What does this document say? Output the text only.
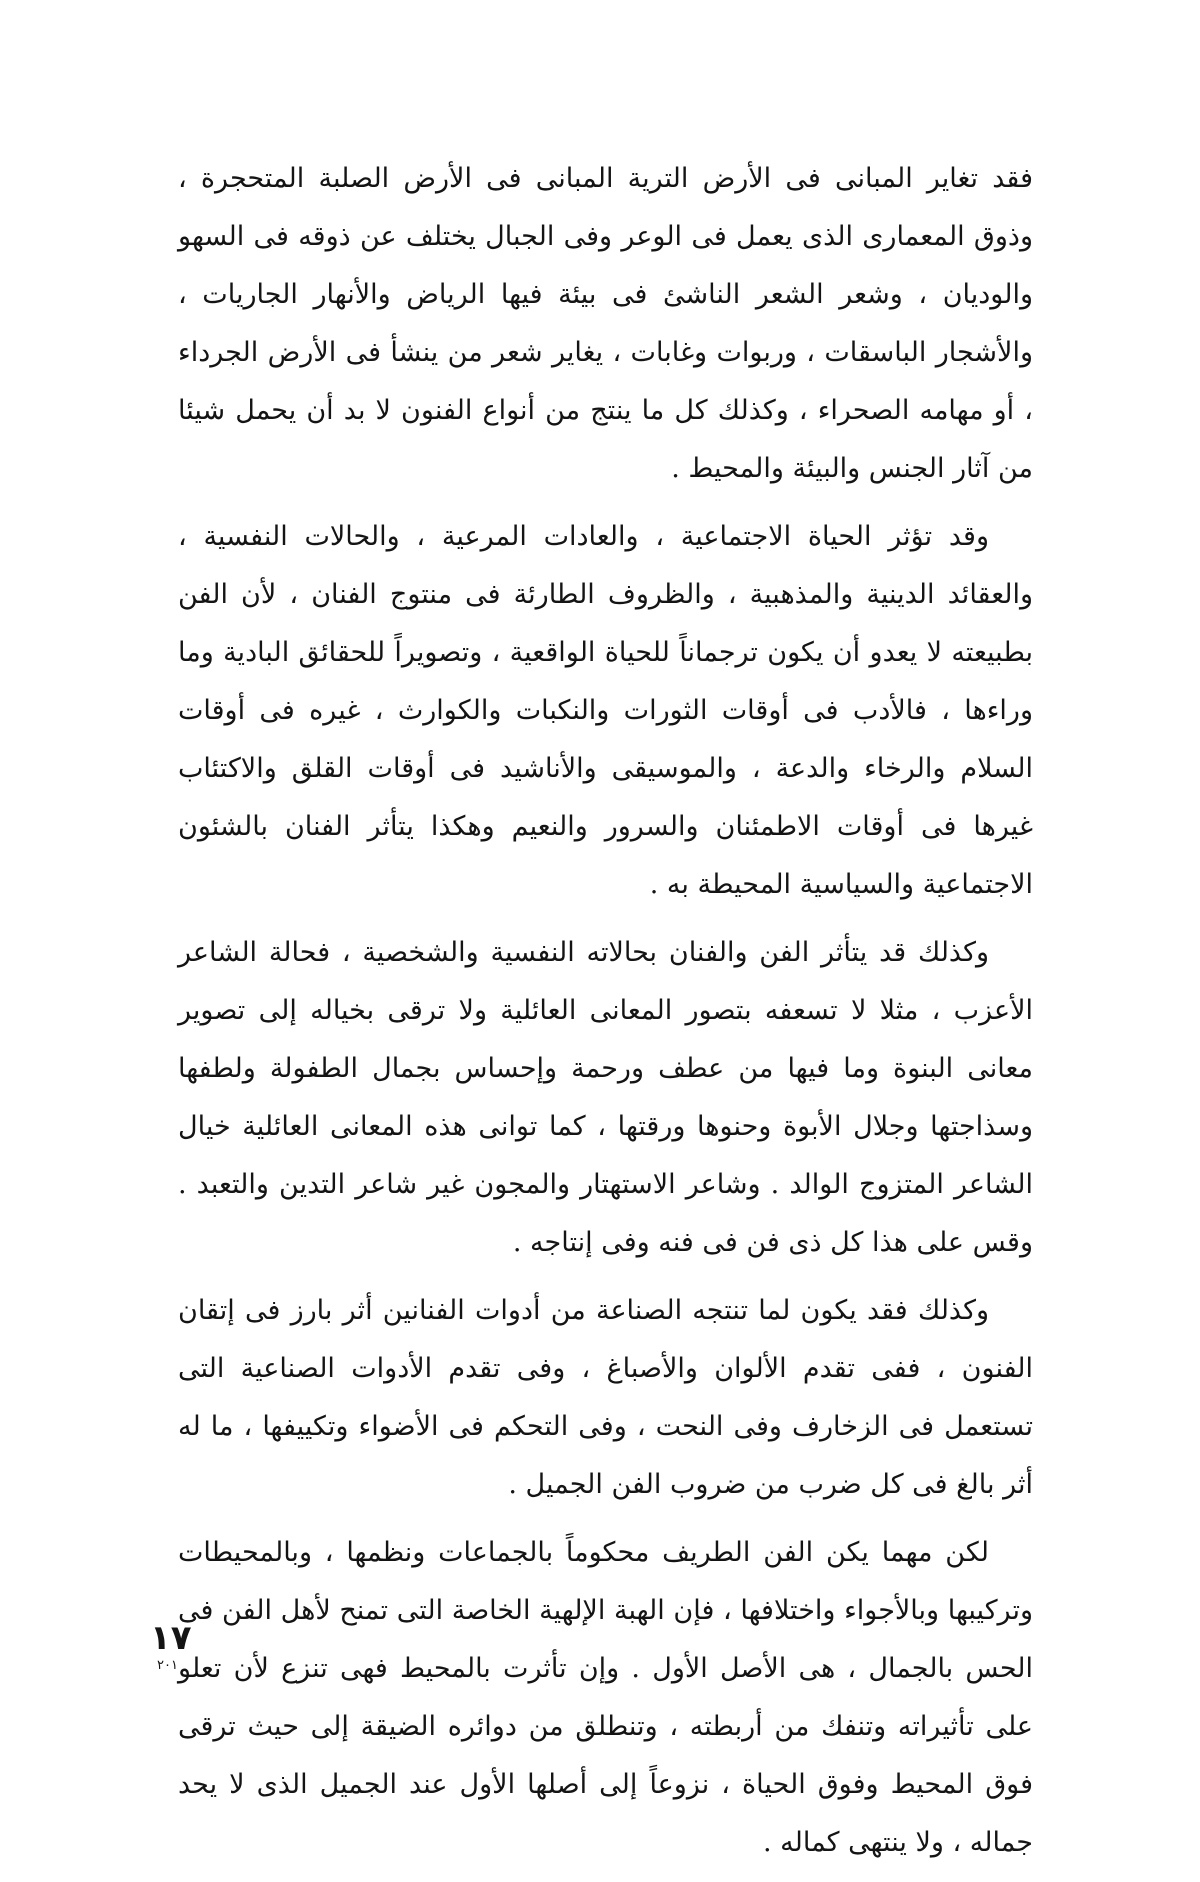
فقد تغاير المبانى فى الأرض الترية المبانى فى الأرض الصلبة المتحجرة ، وذوق المعمارى الذى يعمل فى الوعر وفى الجبال يختلف عن ذوقه فى السهو والوديان ، وشعر الشعر الناشئ فى بيئة فيها الرياض والأنهار الجاريات ، والأشجار الباسقات ، وربوات وغابات ، يغاير شعر من ينشأ فى الأرض الجرداء ، أو مهامه الصحراء ، وكذلك كل ما ينتج من أنواع الفنون لا بد أن يحمل شيئا من آثار الجنس والبيئة والمحيط .

وقد تؤثر الحياة الاجتماعية ، والعادات المرعية ، والحالات النفسية ، والعقائد الدينية والمذهبية ، والظروف الطارئة فى منتوج الفنان ، لأن الفن بطبيعته لا يعدو أن يكون ترجماناً للحياة الواقعية ، وتصويراً للحقائق البادية وما وراءها ، فالأدب فى أوقات الثورات والنكبات والكوارث ، غيره فى أوقات السلام والرخاء والدعة ، والموسيقى والأناشيد فى أوقات القلق والاكتئاب غيرها فى أوقات الاطمئنان والسرور والنعيم وهكذا يتأثر الفنان بالشئون الاجتماعية والسياسية المحيطة به .

وكذلك قد يتأثر الفن والفنان بحالاته النفسية والشخصية ، فحالة الشاعر الأعزب ، مثلا لا تسعفه بتصور المعانى العائلية ولا ترقى بخياله إلى تصوير معانى البنوة وما فيها من عطف ورحمة وإحساس بجمال الطفولة ولطفها وسذاجتها وجلال الأبوة وحنوها ورقتها ، كما توانى هذه المعانى العائلية خيال الشاعر المتزوج الوالد . وشاعر الاستهتار والمجون غير شاعر التدين والتعبد . وقس على هذا كل ذى فن فى فنه وفى إنتاجه .

وكذلك فقد يكون لما تنتجه الصناعة من أدوات الفنانين أثر بارز فى إتقان الفنون ، ففى تقدم الألوان والأصباغ ، وفى تقدم الأدوات الصناعية التى تستعمل فى الزخارف وفى النحت ، وفى التحكم فى الأضواء وتكييفها ، ما له أثر بالغ فى كل ضرب من ضروب الفن الجميل .

لكن مهما يكن الفن الطريف محكوماً بالجماعات ونظمها ، وبالمحيطات وتركيبها وبالأجواء واختلافها ، فإن الهبة الإلهية الخاصة التى تمنح لأهل الفن فى الحس بالجمال ، هى الأصل الأول . وإن تأثرت بالمحيط فهى تنزع لأن تعلو على تأثيراته وتنفك من أربطته ، وتنطلق من دوائره الضيقة إلى حيث ترقى فوق المحيط وفوق الحياة ، نزوعاً إلى أصلها الأول عند الجميل الذى لا يحد جماله ، ولا ينتهى كماله .

١٧
٢٠١
